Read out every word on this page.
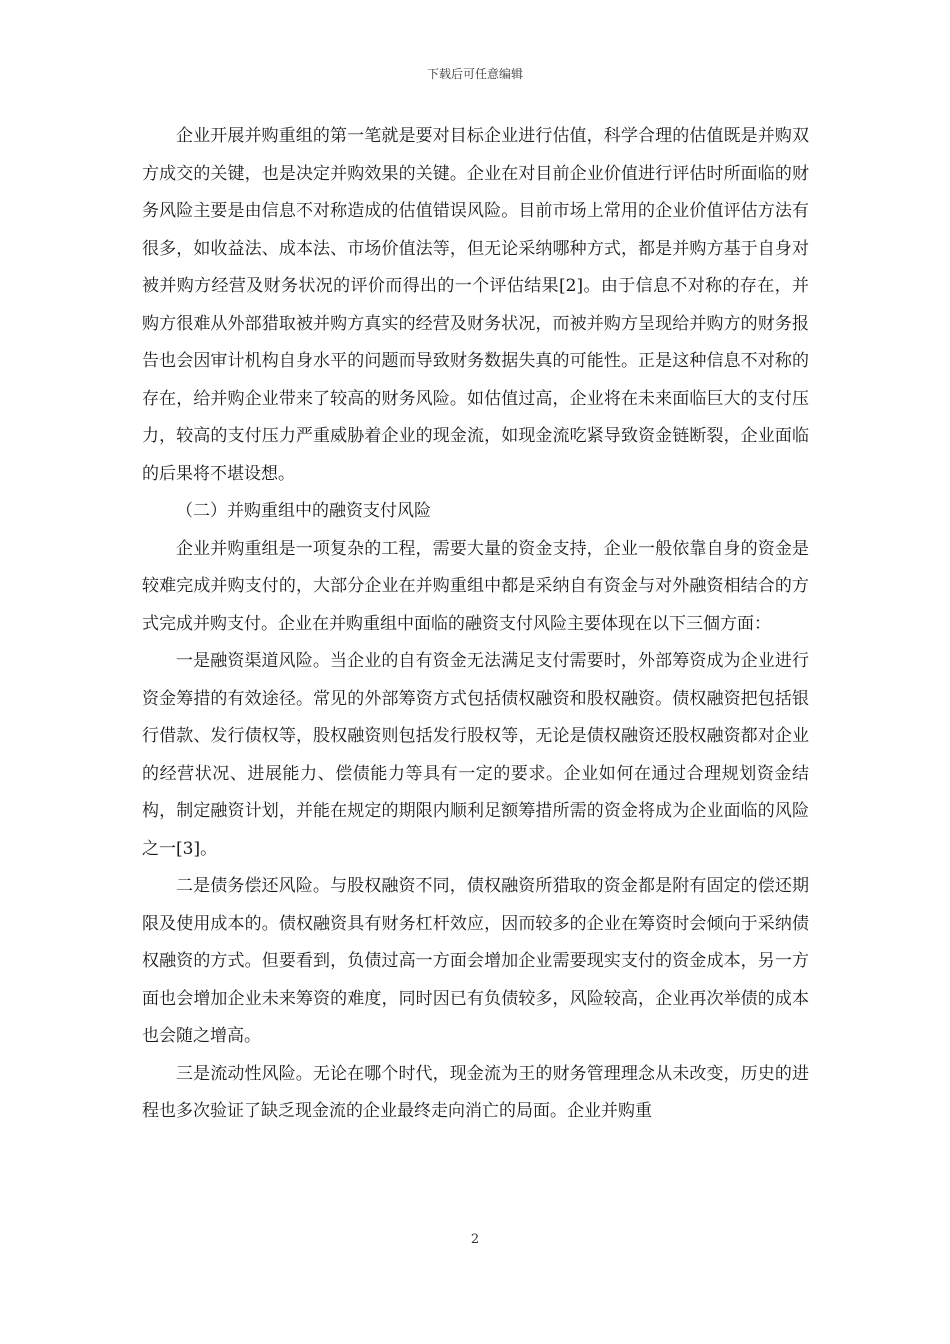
下载后可任意编辑

企业开展并购重组的第一笔就是要对目标企业进行估值，科学合理的估值既是并购双方成交的关键，也是决定并购效果的关键。企业在对目前企业价值进行评估时所面临的财务风险主要是由信息不对称造成的估值错误风险。目前市场上常用的企业价值评估方法有很多，如收益法、成本法、市场价值法等，但无论采纳哪种方式，都是并购方基于自身对被并购方经营及财务状况的评价而得出的一个评估结果[2]。由于信息不对称的存在，并购方很难从外部猎取被并购方真实的经营及财务状况，而被并购方呈现给并购方的财务报告也会因审计机构自身水平的问题而导致财务数据失真的可能性。正是这种信息不对称的存在，给并购企业带来了较高的财务风险。如估值过高，企业将在未来面临巨大的支付压力，较高的支付压力严重威胁着企业的现金流，如现金流吃紧导致资金链断裂，企业面临的后果将不堪设想。

（二）并购重组中的融资支付风险

企业并购重组是一项复杂的工程，需要大量的资金支持，企业一般依靠自身的资金是较难完成并购支付的，大部分企业在并购重组中都是采纳自有资金与对外融资相结合的方式完成并购支付。企业在并购重组中面临的融资支付风险主要体现在以下三個方面：

一是融资渠道风险。当企业的自有资金无法满足支付需要时，外部筹资成为企业进行资金筹措的有效途径。常见的外部筹资方式包括债权融资和股权融资。债权融资把包括银行借款、发行债权等，股权融资则包括发行股权等，无论是债权融资还股权融资都对企业的经营状况、进展能力、偿债能力等具有一定的要求。企业如何在通过合理规划资金结构，制定融资计划，并能在规定的期限内顺利足额筹措所需的资金将成为企业面临的风险之一[3]。

二是债务偿还风险。与股权融资不同，债权融资所猎取的资金都是附有固定的偿还期限及使用成本的。债权融资具有财务杠杆效应，因而较多的企业在筹资时会倾向于采纳债权融资的方式。但要看到，负债过高一方面会增加企业需要现实支付的资金成本，另一方面也会增加企业未来筹资的难度，同时因已有负债较多，风险较高，企业再次举债的成本也会随之增高。

三是流动性风险。无论在哪个时代，现金流为王的财务管理理念从未改变，历史的进程也多次验证了缺乏现金流的企业最终走向消亡的局面。企业并购重

2
